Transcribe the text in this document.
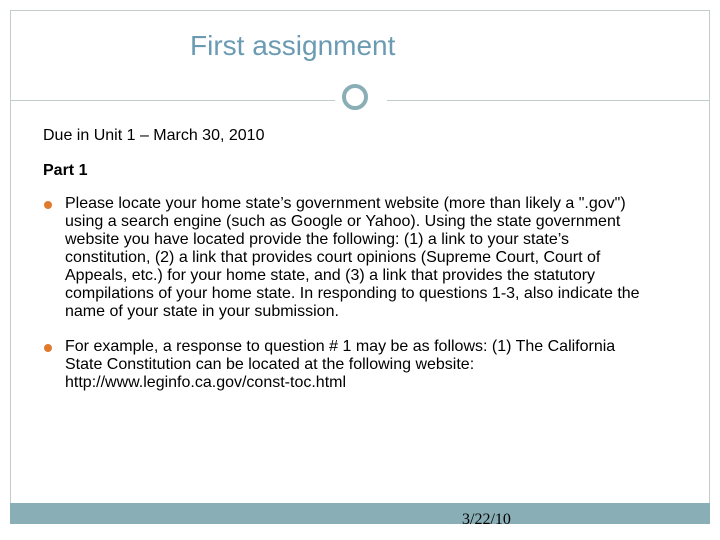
First assignment

Due in Unit 1 – March 30, 2010

Part 1

Please locate your home state’s government website (more than likely a ".gov") using a search engine (such as Google or Yahoo). Using the state government website you have located provide the following: (1) a link to your state’s constitution, (2) a link that provides court opinions (Supreme Court, Court of Appeals, etc.) for your home state, and (3) a link that provides the statutory compilations of your home state. In responding to questions 1-3, also indicate the name of your state in your submission.
For example, a response to question # 1 may be as follows: (1) The California State Constitution can be located at the following website: http://www.leginfo.ca.gov/const-toc.html
3/22/10
